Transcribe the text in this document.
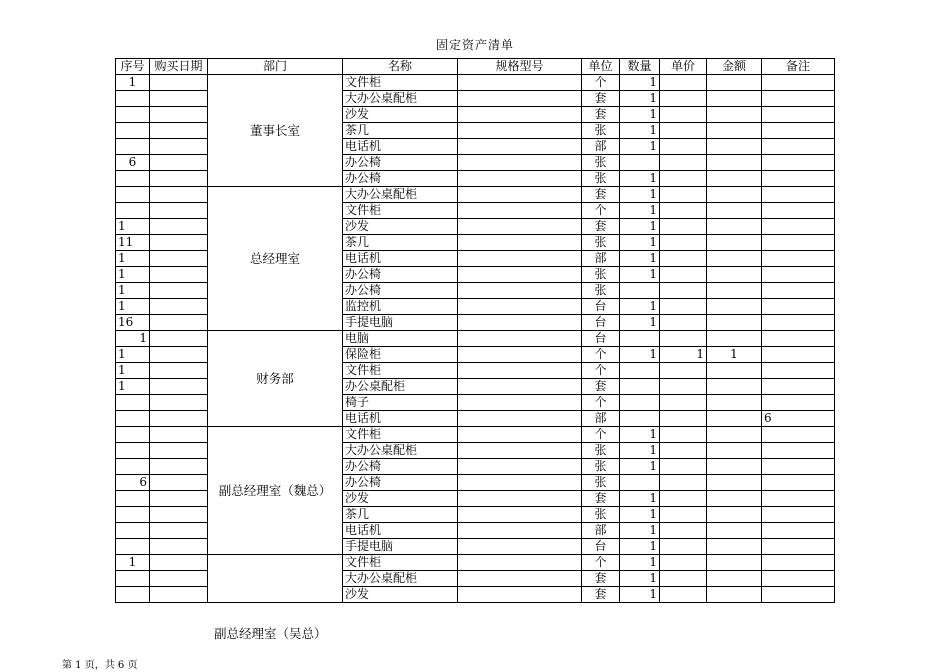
固定资产清单
序号	购买日期	部门	名称	规格型号	单位	数量	单价	金额	备注
1		董事长室	文件柜		个	1			
			大办公桌配柜		套	1			
			沙发		套	1			
			茶几		张	1			
			电话机		部	1			
6			办公椅		张				
			办公椅		张	1			
		总经理室	大办公桌配柜		套	1			
			文件柜		个	1			
1			沙发		套	1			
11			茶几		张	1			
1			电话机		部	1			
1			办公椅		张	1			
1			办公椅		张				
1			监控机		台	1			
16			手提电脑		台	1			
1		财务部	电脑		台				
1			保险柜		个	1	1	1	
1			文件柜		个				
1			办公桌配柜		套				
			椅子		个				
			电话机		部				6
		副总经理室（魏总）	文件柜		个	1			
			大办公桌配柜		张	1			
			办公椅		张	1			
6			办公椅		张				
			沙发		套	1			
			茶几		张	1			
			电话机		部	1			
			手提电脑		台	1			
1			文件柜		个	1			
			大办公桌配柜		套	1			
			沙发		套	1			
副总经理室（吴总）
第 1 页，共 6 页
